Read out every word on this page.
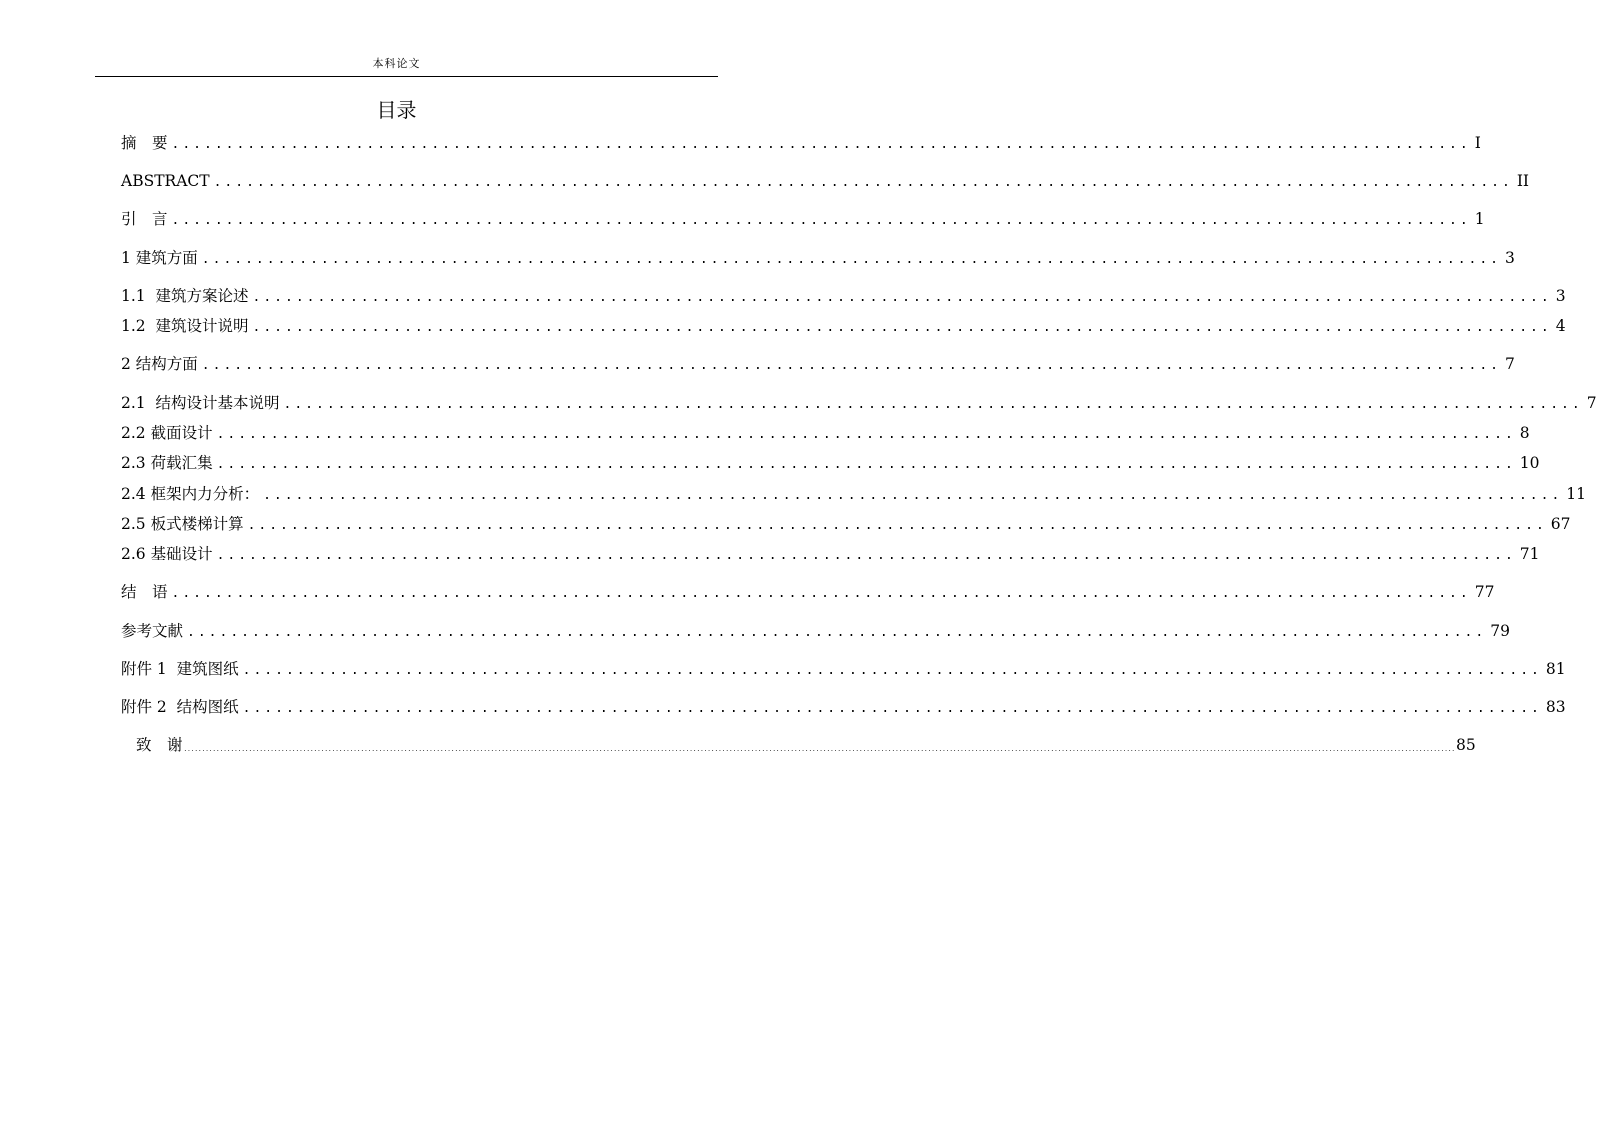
本科论文
目录
摘　要 ........................................................................................................................ I
ABSTRACT ........................................................................................................................ II
引　言 ........................................................................................................................ 1
1 建筑方面 ........................................................................................................................ 3
1.1  建筑方案论述 ........................................................................................................................ 3
1.2  建筑设计说明 ........................................................................................................................ 4
2 结构方面 ........................................................................................................................ 7
2.1  结构设计基本说明 ........................................................................................................................ 7
2.2 截面设计 ........................................................................................................................ 8
2.3 荷载汇集 ........................................................................................................................ 10
2.4 框架内力分析： ........................................................................................................................ 11
2.5 板式楼梯计算 ........................................................................................................................ 67
2.6 基础设计 ........................................................................................................................ 71
结　语 ........................................................................................................................ 77
参考文献 ........................................................................................................................ 79
附件 1  建筑图纸 ........................................................................................................................ 81
附件 2  结构图纸 ........................................................................................................................ 83
致　谢 ................................................................................................................................................................................................................................................................................................................................................................ 85
